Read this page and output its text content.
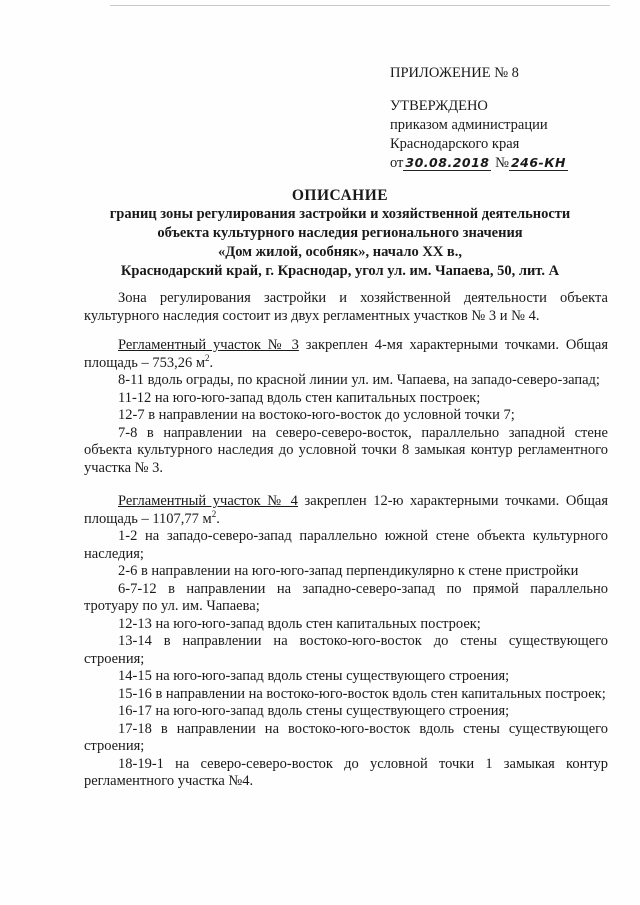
ПРИЛОЖЕНИЕ № 8
УТВЕРЖДЕНО
приказом администрации
Краснодарского края
от 30.08.2018 № 246-КН
ОПИСАНИЕ
границ зоны регулирования застройки и хозяйственной деятельности
объекта культурного наследия регионального значения
«Дом жилой, особняк», начало XX в.,
Краснодарский край, г. Краснодар, угол ул. им. Чапаева, 50, лит. А

Зона регулирования застройки и хозяйственной деятельности объекта культурного наследия состоит из двух регламентных участков № 3 и № 4.

Регламентный участок № 3 закреплен 4-мя характерными точками. Общая площадь – 753,26 $м^2$.

8-11 вдоль ограды, по красной линии ул. им. Чапаева, на западо-северо-запад;

11-12 на юго-юго-запад вдоль стен капитальных построек;

12-7 в направлении на востоко-юго-восток до условной точки 7;

7-8 в направлении на северо-северо-восток, параллельно западной стене объекта культурного наследия до условной точки 8 замыкая контур регламентного участка № 3.

Регламентный участок № 4 закреплен 12-ю характерными точками. Общая площадь – 1107,77 $м^2$.

1-2 на западо-северо-запад параллельно южной стене объекта культурного наследия;

2-6 в направлении на юго-юго-запад перпендикулярно к стене пристройки

6-7-12 в направлении на западно-северо-запад по прямой параллельно тротуару по ул. им. Чапаева;

12-13 на юго-юго-запад вдоль стен капитальных построек;

13-14 в направлении на востоко-юго-восток до стены существующего строения;

14-15 на юго-юго-запад вдоль стены существующего строения;

15-16 в направлении на востоко-юго-восток вдоль стен капитальных построек;

16-17 на юго-юго-запад вдоль стены существующего строения;

17-18 в направлении на востоко-юго-восток вдоль стены существующего строения;

18-19-1 на северо-северо-восток до условной точки 1 замыкая контур регламентного участка №4.
